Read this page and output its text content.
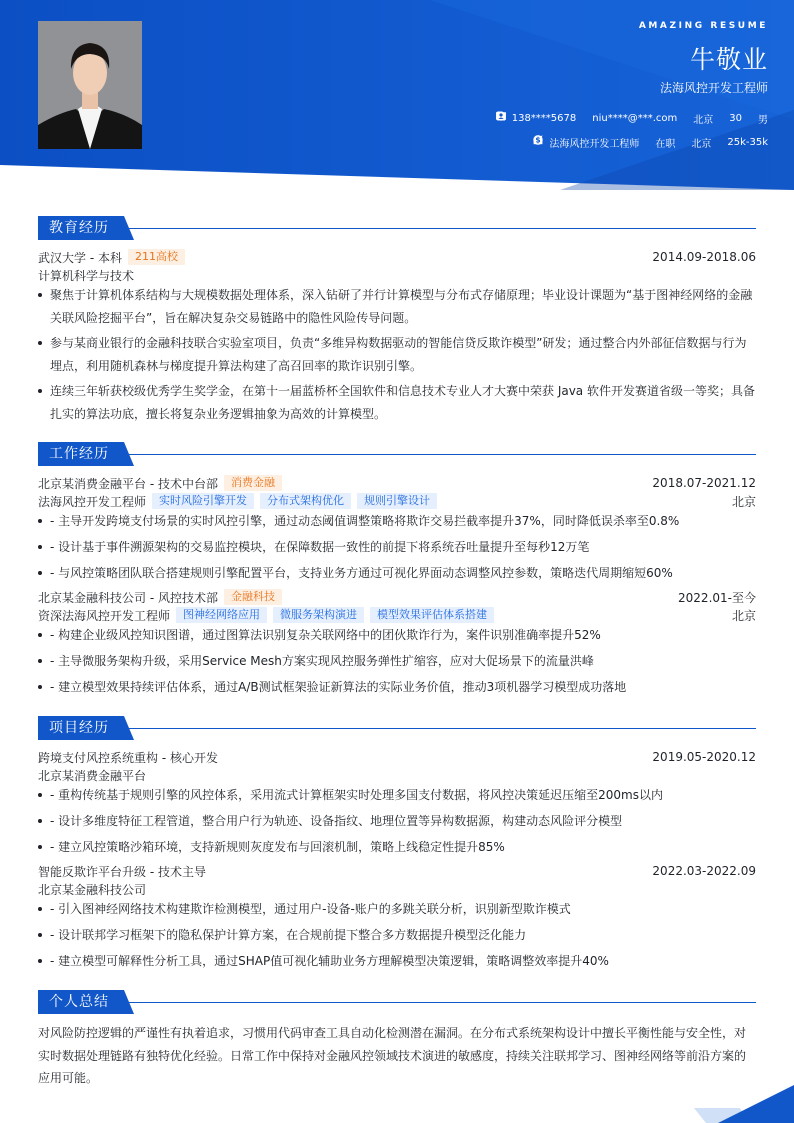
AMAZING RESUME
牛敬业
法海风控开发工程师
138****5678 niu****@***.com 北京 30 男
法海风控开发工程师 在职 北京
$	25k-35k
教育经历
武汉大学 - 本科	211高校	2014.09-2018.06
计算机科学与技术
聚焦于计算机体系结构与大规模数据处理体系，深入钻研了并行计算模型与分布式存储原理；毕业设计课题为“基于图神经网络的金融关联风险挖掘平台”，旨在解决复杂交易链路中的隐性风险传导问题。
参与某商业银行的金融科技联合实验室项目，负责“多维异构数据驱动的智能信贷反欺诈模型”研发；通过整合内外部征信数据与行为埋点，利用随机森林与梯度提升算法构建了高召回率的欺诈识别引擎。
连续三年斩获校级优秀学生奖学金，在第十一届蓝桥杯全国软件和信息技术专业人才大赛中荣获 Java 软件开发赛道省级一等奖；具备扎实的算法功底，擅长将复杂业务逻辑抽象为高效的计算模型。
工作经历
北京某消费金融平台 - 技术中台部	消费金融	2018.07-2021.12
法海风控开发工程师	实时风险引擎开发	分布式架构优化	规则引擎设计	北京
- 主导开发跨境支付场景的实时风控引擎，通过动态阈值调整策略将欺诈交易拦截率提升37%，同时降低误杀率至0.8%
- 设计基于事件溯源架构的交易监控模块，在保障数据一致性的前提下将系统吞吐量提升至每秒12万笔
- 与风控策略团队联合搭建规则引擎配置平台，支持业务方通过可视化界面动态调整风控参数，策略迭代周期缩短60%
北京某金融科技公司 - 风控技术部	金融科技	2022.01-至今
资深法海风控开发工程师	图神经网络应用	微服务架构演进	模型效果评估体系搭建	北京
- 构建企业级风控知识图谱，通过图算法识别复杂关联网络中的团伙欺诈行为，案件识别准确率提升52%
- 主导微服务架构升级，采用Service Mesh方案实现风控服务弹性扩缩容，应对大促场景下的流量洪峰
- 建立模型效果持续评估体系，通过A/B测试框架验证新算法的实际业务价值，推动3项机器学习模型成功落地
项目经历
跨境支付风控系统重构 - 核心开发	2019.05-2020.12
北京某消费金融平台
- 重构传统基于规则引擎的风控体系，采用流式计算框架实时处理多国支付数据，将风控决策延迟压缩至200ms以内
- 设计多维度特征工程管道，整合用户行为轨迹、设备指纹、地理位置等异构数据源，构建动态风险评分模型
- 建立风控策略沙箱环境，支持新规则灰度发布与回滚机制，策略上线稳定性提升85%
智能反欺诈平台升级 - 技术主导	2022.03-2022.09
北京某金融科技公司
- 引入图神经网络技术构建欺诈检测模型，通过用户-设备-账户的多跳关联分析，识别新型欺诈模式
- 设计联邦学习框架下的隐私保护计算方案，在合规前提下整合多方数据提升模型泛化能力
- 建立模型可解释性分析工具，通过SHAP值可视化辅助业务方理解模型决策逻辑，策略调整效率提升40%
个人总结
对风险防控逻辑的严谨性有执着追求，习惯用代码审查工具自动化检测潜在漏洞。在分布式系统架构设计中擅长平衡性能与安全性，对实时数据处理链路有独特优化经验。日常工作中保持对金融风控领域技术演进的敏感度，持续关注联邦学习、图神经网络等前沿方案的应用可能。
